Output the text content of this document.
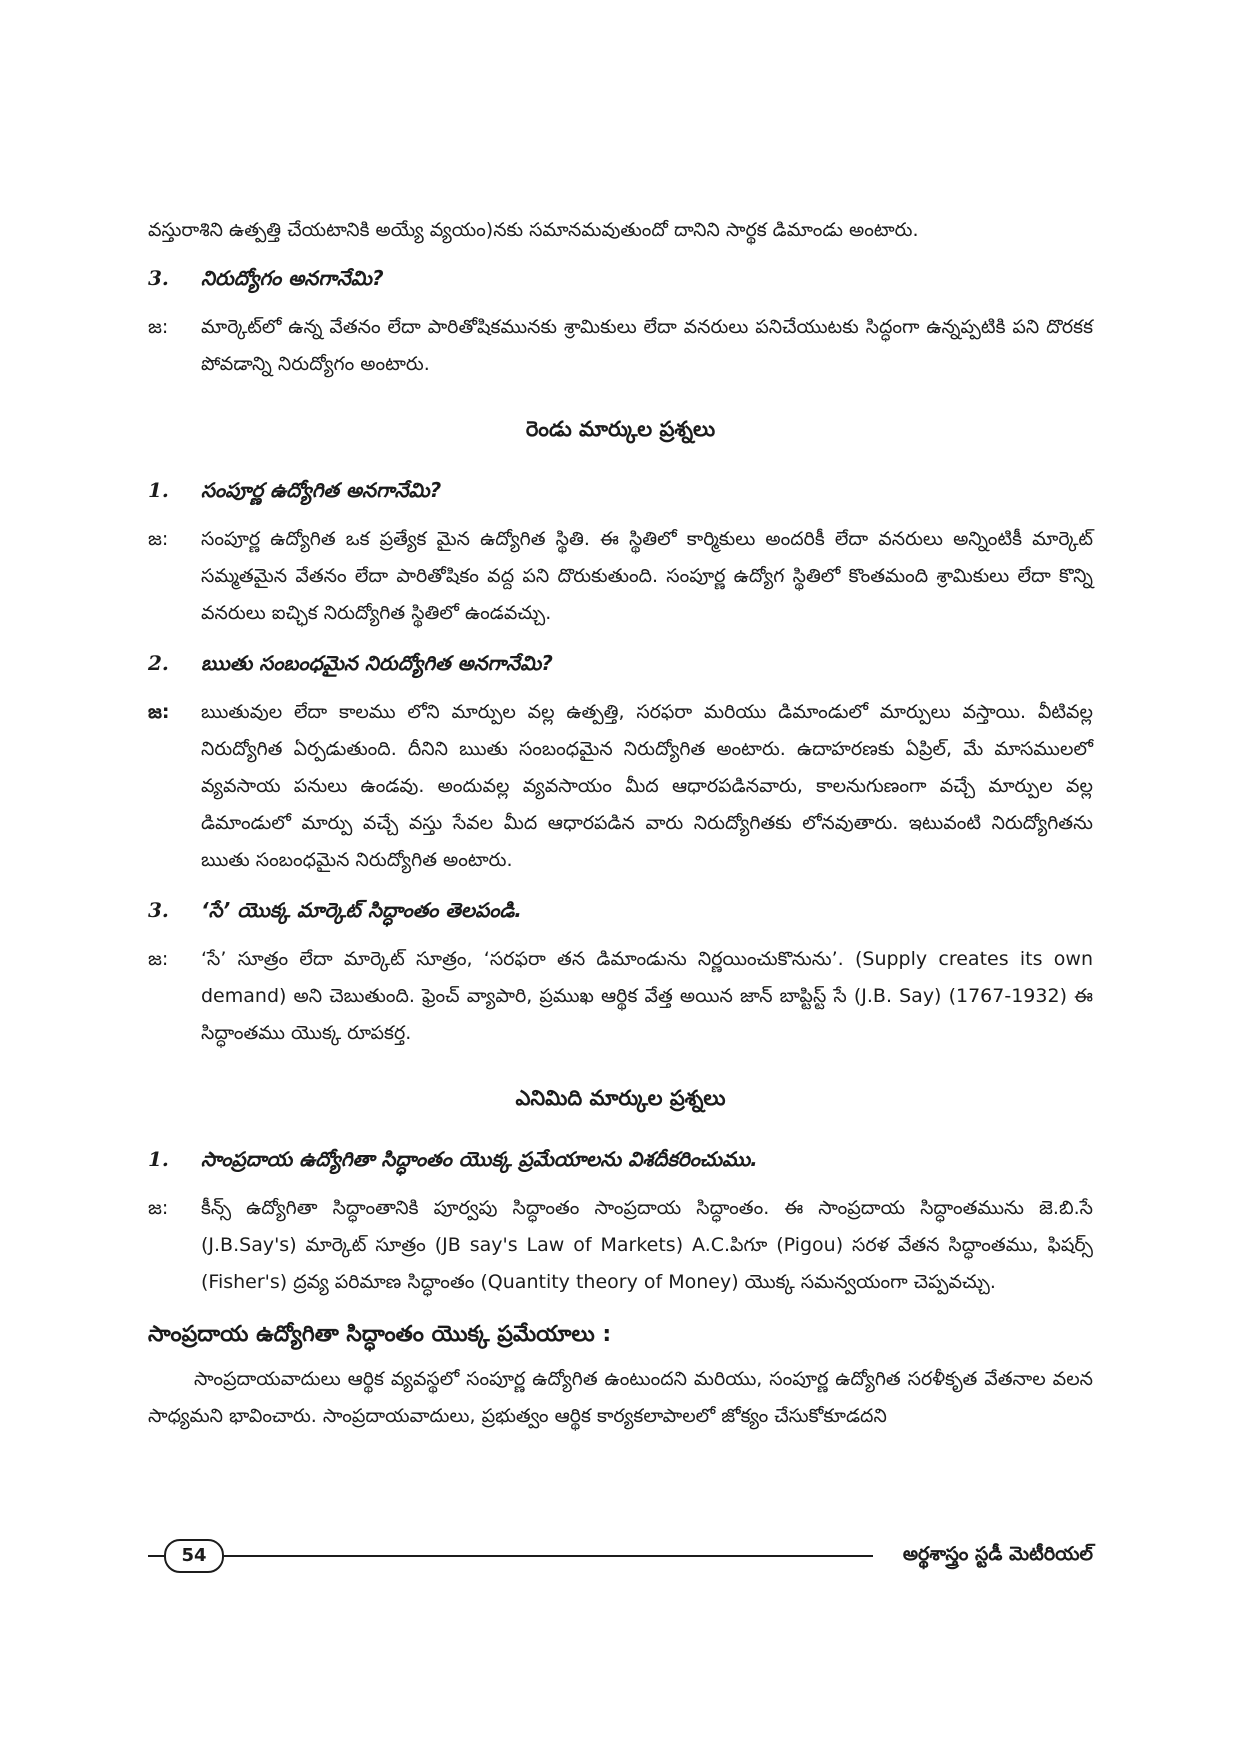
వస్తురాశిని ఉత్పత్తి చేయటానికి అయ్యే వ్యయం)నకు సమానమవుతుందో దానిని సార్థక డిమాండు అంటారు.

3.	నిరుద్యోగం అనగానేమి?
జ:	మార్కెట్‌లో ఉన్న వేతనం లేదా పారితోషికమునకు శ్రామికులు లేదా వనరులు పనిచేయుటకు సిద్ధంగా ఉన్నప్పటికి పని దొరకక పోవడాన్ని నిరుద్యోగం అంటారు.
రెండు మార్కుల ప్రశ్నలు
1.	సంపూర్ణ ఉద్యోగిత అనగానేమి?
జ:	సంపూర్ణ ఉద్యోగిత ఒక ప్రత్యేక మైన ఉద్యోగిత స్థితి. ఈ స్థితిలో కార్మికులు అందరికీ లేదా వనరులు అన్నింటికీ మార్కెట్ సమ్మతమైన వేతనం లేదా పారితోషికం వద్ద పని దొరుకుతుంది. సంపూర్ణ ఉద్యోగ స్థితిలో కొంతమంది శ్రామికులు లేదా కొన్ని వనరులు ఐచ్ఛిక నిరుద్యోగిత స్థితిలో ఉండవచ్చు.
2.	ఋతు సంబంధమైన నిరుద్యోగిత అనగానేమి?
జ:	ఋతువుల లేదా కాలము లోని మార్పుల వల్ల ఉత్పత్తి, సరఫరా మరియు డిమాండులో మార్పులు వస్తాయి. వీటివల్ల నిరుద్యోగిత ఏర్పడుతుంది. దీనిని ఋతు సంబంధమైన నిరుద్యోగిత అంటారు. ఉదాహరణకు ఏప్రిల్, మే మాసములలో వ్యవసాయ పనులు ఉండవు. అందువల్ల వ్యవసాయం మీద ఆధారపడినవారు, కాలనుగుణంగా వచ్చే మార్పుల వల్ల డిమాండులో మార్పు వచ్చే వస్తు సేవల మీద ఆధారపడిన వారు నిరుద్యోగితకు లోనవుతారు. ఇటువంటి నిరుద్యోగితను ఋతు సంబంధమైన నిరుద్యోగిత అంటారు.
3.	‘సే’ యొక్క మార్కెట్ సిద్ధాంతం తెలపండి.
జ:	‘సే’ సూత్రం లేదా మార్కెట్ సూత్రం, ‘సరఫరా తన డిమాండును నిర్ణయించుకొనును’. (Supply creates its own demand) అని చెబుతుంది. ఫ్రెంచ్ వ్యాపారి, ప్రముఖ ఆర్థిక వేత్త అయిన జాన్ బాప్టిస్ట్ సే (J.B. Say) (1767-1932) ఈ సిద్ధాంతము యొక్క రూపకర్త.
ఎనిమిది మార్కుల ప్రశ్నలు
1.	సాంప్రదాయ ఉద్యోగితా సిద్ధాంతం యొక్క ప్రమేయాలను విశదీకరించుము.
జ:	కీన్స్ ఉద్యోగితా సిద్ధాంతానికి పూర్వపు సిద్ధాంతం సాంప్రదాయ సిద్ధాంతం. ఈ సాంప్రదాయ సిద్ధాంతమును జె.బి.సే (J.B.Say's) మార్కెట్ సూత్రం (JB say's Law of Markets) A.C.పిగూ (Pigou) సరళ వేతన సిద్ధాంతము, ఫిషర్స్ (Fisher's) ద్రవ్య పరిమాణ సిద్ధాంతం (Quantity theory of Money) యొక్క సమన్వయంగా చెప్పవచ్చు.
సాంప్రదాయ ఉద్యోగితా సిద్ధాంతం యొక్క ప్రమేయాలు :

సాంప్రదాయవాదులు ఆర్థిక వ్యవస్థలో సంపూర్ణ ఉద్యోగిత ఉంటుందని మరియు, సంపూర్ణ ఉద్యోగిత సరళీకృత వేతనాల వలన సాధ్యమని భావించారు. సాంప్రదాయవాదులు, ప్రభుత్వం ఆర్థిక కార్యకలాపాలలో జోక్యం చేసుకోకూడదని

54	అర్థశాస్త్రం స్టడీ మెటీరియల్
